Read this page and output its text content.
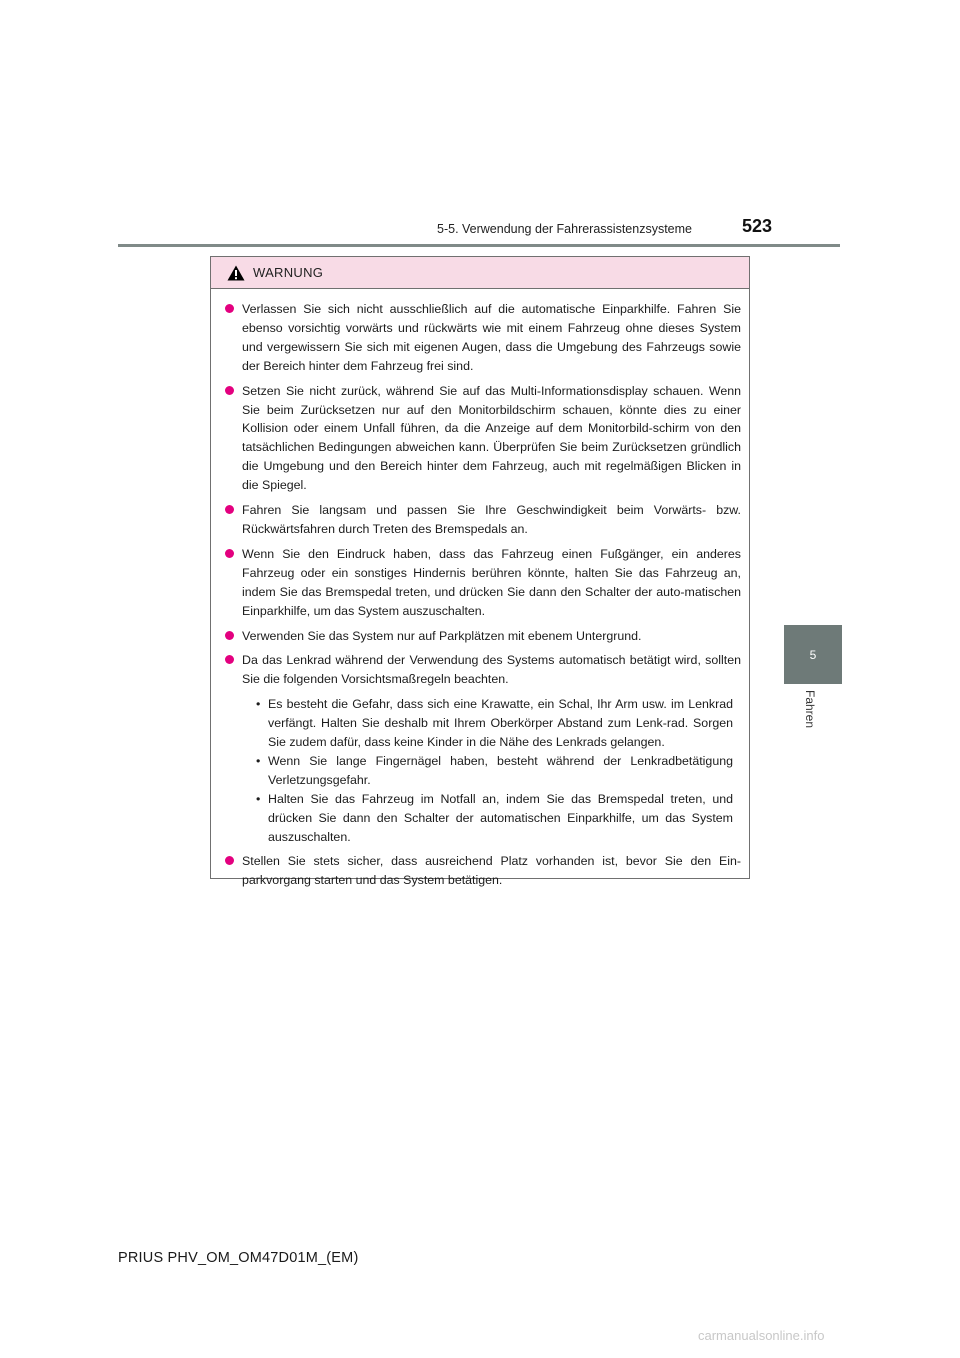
5-5. Verwendung der Fahrerassistenzsysteme	523
5
Fahren
WARNUNG
Verlassen Sie sich nicht ausschließlich auf die automatische Einparkhilfe. Fahren Sie ebenso vorsichtig vorwärts und rückwärts wie mit einem Fahrzeug ohne dieses System und vergewissern Sie sich mit eigenen Augen, dass die Umgebung des Fahrzeugs sowie der Bereich hinter dem Fahrzeug frei sind.
Setzen Sie nicht zurück, während Sie auf das Multi-Informationsdisplay schauen. Wenn Sie beim Zurücksetzen nur auf den Monitorbildschirm schauen, könnte dies zu einer Kollision oder einem Unfall führen, da die Anzeige auf dem Monitorbild-schirm von den tatsächlichen Bedingungen abweichen kann. Überprüfen Sie beim Zurücksetzen gründlich die Umgebung und den Bereich hinter dem Fahrzeug, auch mit regelmäßigen Blicken in die Spiegel.
Fahren Sie langsam und passen Sie Ihre Geschwindigkeit beim Vorwärts- bzw. Rückwärtsfahren durch Treten des Bremspedals an.
Wenn Sie den Eindruck haben, dass das Fahrzeug einen Fußgänger, ein anderes Fahrzeug oder ein sonstiges Hindernis berühren könnte, halten Sie das Fahrzeug an, indem Sie das Bremspedal treten, und drücken Sie dann den Schalter der auto-matischen Einparkhilfe, um das System auszuschalten.
Verwenden Sie das System nur auf Parkplätzen mit ebenem Untergrund.
Da das Lenkrad während der Verwendung des Systems automatisch betätigt wird, sollten Sie die folgenden Vorsichtsmaßregeln beachten.
• Es besteht die Gefahr, dass sich eine Krawatte, ein Schal, Ihr Arm usw. im Lenkrad verfängt. Halten Sie deshalb mit Ihrem Oberkörper Abstand zum Lenk-rad. Sorgen Sie zudem dafür, dass keine Kinder in die Nähe des Lenkrads gelangen.
• Wenn Sie lange Fingernägel haben, besteht während der Lenkradbetätigung Verletzungsgefahr.
• Halten Sie das Fahrzeug im Notfall an, indem Sie das Bremspedal treten, und drücken Sie dann den Schalter der automatischen Einparkhilfe, um das System auszuschalten.
Stellen Sie stets sicher, dass ausreichend Platz vorhanden ist, bevor Sie den Ein-parkvorgang starten und das System betätigen.
PRIUS PHV_OM_OM47D01M_(EM)
carmanualsonline.info
